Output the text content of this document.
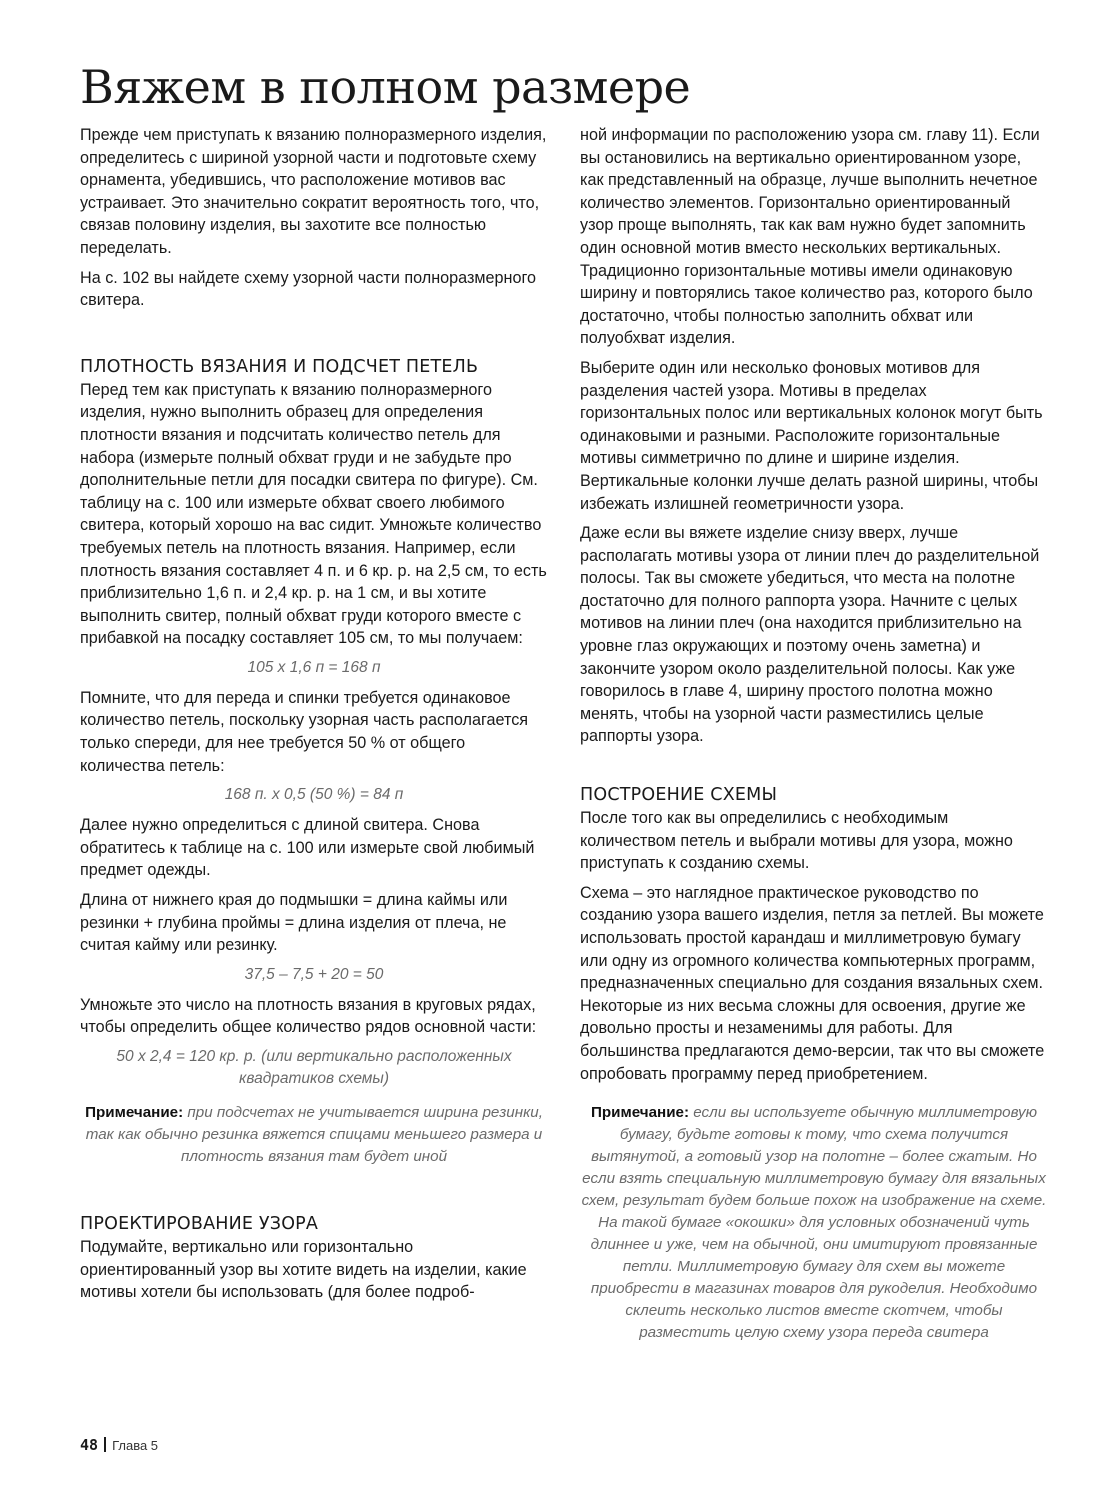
Вяжем в полном размере

Прежде чем приступать к вязанию полноразмерного изделия, определитесь с шириной узорной части и подготовьте схему орнамента, убедившись, что расположение мотивов вас устраивает. Это значительно сократит вероятность того, что, связав половину изделия, вы захотите все полностью переделать.

На с. 102 вы найдете схему узорной части полноразмерного свитера.

ПЛОТНОСТЬ ВЯЗАНИЯ И ПОДСЧЕТ ПЕТЕЛЬ

Перед тем как приступать к вязанию полноразмерного изделия, нужно выполнить образец для определения плотности вязания и подсчитать количество петель для набора (измерьте полный обхват груди и не забудьте про дополнительные петли для посадки свитера по фигуре). См. таблицу на с. 100 или измерьте обхват своего любимого свитера, который хорошо на вас сидит. Умножьте количество требуемых петель на плотность вязания. Например, если плотность вязания составляет 4 п. и 6 кр. р. на 2,5 см, то есть приблизительно 1,6 п. и 2,4 кр. р. на 1 см, и вы хотите выполнить свитер, полный обхват груди которого вместе с прибавкой на посадку составляет 105 см, то мы получаем:

105 x 1,6 п = 168 п

Помните, что для переда и спинки требуется одинаковое количество петель, поскольку узорная часть располагается только спереди, для нее требуется 50 % от общего количества петель:

168 п. x 0,5 (50 %) = 84 п

Далее нужно определиться с длиной свитера. Снова обратитесь к таблице на с. 100 или измерьте свой любимый предмет одежды.

Длина от нижнего края до подмышки = длина каймы или резинки + глубина проймы = длина изделия от плеча, не считая кайму или резинку.

37,5 – 7,5 + 20 = 50

Умножьте это число на плотность вязания в круговых рядах, чтобы определить общее количество рядов основной части:

50 x 2,4 = 120 кр. р. (или вертикально расположенных квадратиков схемы)

Примечание: при подсчетах не учитывается ширина резинки, так как обычно резинка вяжется спицами меньшего размера и плотность вязания там будет иной

ПРОЕКТИРОВАНИЕ УЗОРА

Подумайте, вертикально или горизонтально ориентированный узор вы хотите видеть на изделии, какие мотивы хотели бы использовать (для более подроб-

ной информации по расположению узора см. главу 11). Если вы остановились на вертикально ориентированном узоре, как представленный на образце, лучше выполнить нечетное количество элементов. Горизонтально ориентированный узор проще выполнять, так как вам нужно будет запомнить один основной мотив вместо нескольких вертикальных. Традиционно горизонтальные мотивы имели одинаковую ширину и повторялись такое количество раз, которого было достаточно, чтобы полностью заполнить обхват или полуобхват изделия.

Выберите один или несколько фоновых мотивов для разделения частей узора. Мотивы в пределах горизонтальных полос или вертикальных колонок могут быть одинаковыми и разными. Расположите горизонтальные мотивы симметрично по длине и ширине изделия. Вертикальные колонки лучше делать разной ширины, чтобы избежать излишней геометричности узора.

Даже если вы вяжете изделие снизу вверх, лучше располагать мотивы узора от линии плеч до разделительной полосы. Так вы сможете убедиться, что места на полотне достаточно для полного раппорта узора. Начните с целых мотивов на линии плеч (она находится приблизительно на уровне глаз окружающих и поэтому очень заметна) и закончите узором около разделительной полосы. Как уже говорилось в главе 4, ширину простого полотна можно менять, чтобы на узорной части разместились целые раппорты узора.

ПОСТРОЕНИЕ СХЕМЫ

После того как вы определились с необходимым количеством петель и выбрали мотивы для узора, можно приступать к созданию схемы.

Схема – это наглядное практическое руководство по созданию узора вашего изделия, петля за петлей. Вы можете использовать простой карандаш и миллиметровую бумагу или одну из огромного количества компьютерных программ, предназначенных специально для создания вязальных схем. Некоторые из них весьма сложны для освоения, другие же довольно просты и незаменимы для работы. Для большинства предлагаются демо-версии, так что вы сможете опробовать программу перед приобретением.

Примечание: если вы используете обычную миллиметровую бумагу, будьте готовы к тому, что схема получится вытянутой, а готовый узор на полотне – более сжатым. Но если взять специальную миллиметровую бумагу для вязальных схем, результат будем больше похож на изображение на схеме. На такой бумаге «окошки» для условных обозначений чуть длиннее и уже, чем на обычной, они имитируют провязанные петли. Миллиметровую бумагу для схем вы можете приобрести в магазинах товаров для рукоделия. Необходимо склеить несколько листов вместе скотчем, чтобы разместить целую схему узора переда свитера

48 Глава 5
